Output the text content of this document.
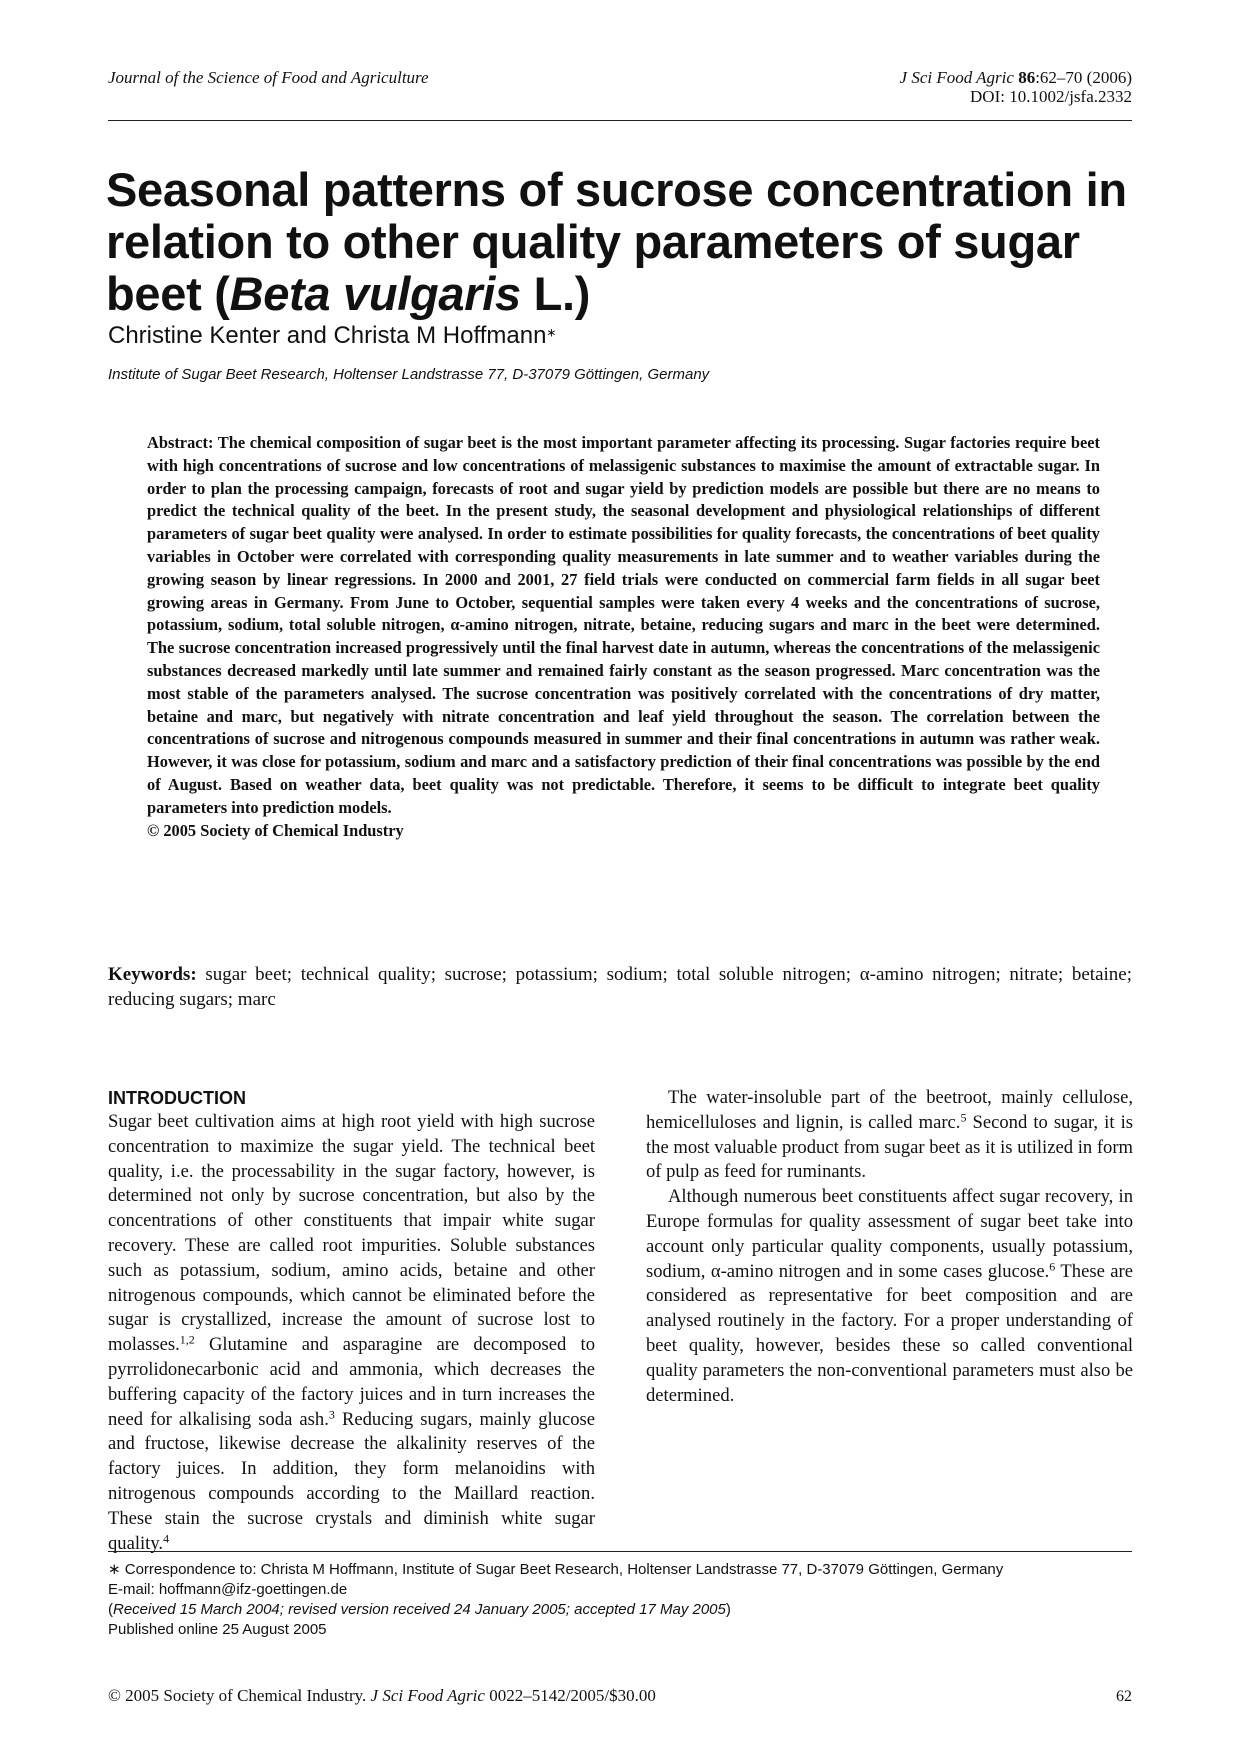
Journal of the Science of Food and Agriculture	J Sci Food Agric 86:62–70 (2006)
DOI: 10.1002/jsfa.2332
Seasonal patterns of sucrose concentration in relation to other quality parameters of sugar beet (Beta vulgaris L.)
Christine Kenter and Christa M Hoffmann∗
Institute of Sugar Beet Research, Holtenser Landstrasse 77, D-37079 Göttingen, Germany

Abstract: The chemical composition of sugar beet is the most important parameter affecting its processing. Sugar factories require beet with high concentrations of sucrose and low concentrations of melassigenic substances to maximise the amount of extractable sugar. In order to plan the processing campaign, forecasts of root and sugar yield by prediction models are possible but there are no means to predict the technical quality of the beet. In the present study, the seasonal development and physiological relationships of different parameters of sugar beet quality were analysed. In order to estimate possibilities for quality forecasts, the concentrations of beet quality variables in October were correlated with corresponding quality measurements in late summer and to weather variables during the growing season by linear regressions. In 2000 and 2001, 27 field trials were conducted on commercial farm fields in all sugar beet growing areas in Germany. From June to October, sequential samples were taken every 4 weeks and the concentrations of sucrose, potassium, sodium, total soluble nitrogen, α-amino nitrogen, nitrate, betaine, reducing sugars and marc in the beet were determined. The sucrose concentration increased progressively until the final harvest date in autumn, whereas the concentrations of the melassigenic substances decreased markedly until late summer and remained fairly constant as the season progressed. Marc concentration was the most stable of the parameters analysed. The sucrose concentration was positively correlated with the concentrations of dry matter, betaine and marc, but negatively with nitrate concentration and leaf yield throughout the season. The correlation between the concentrations of sucrose and nitrogenous compounds measured in summer and their final concentrations in autumn was rather weak. However, it was close for potassium, sodium and marc and a satisfactory prediction of their final concentrations was possible by the end of August. Based on weather data, beet quality was not predictable. Therefore, it seems to be difficult to integrate beet quality parameters into prediction models.
© 2005 Society of Chemical Industry

Keywords: sugar beet; technical quality; sucrose; potassium; sodium; total soluble nitrogen; α-amino nitrogen; nitrate; betaine; reducing sugars; marc

INTRODUCTION

Sugar beet cultivation aims at high root yield with high sucrose concentration to maximize the sugar yield. The technical beet quality, i.e. the processability in the sugar factory, however, is determined not only by sucrose concentration, but also by the concentrations of other constituents that impair white sugar recovery. These are called root impurities. Soluble substances such as potassium, sodium, amino acids, betaine and other nitrogenous compounds, which cannot be eliminated before the sugar is crystallized, increase the amount of sucrose lost to molasses.$^{1,2}$ Glutamine and asparagine are decomposed to pyrrolidonecarbonic acid and ammonia, which decreases the buffering capacity of the factory juices and in turn increases the need for alkalising soda ash.$^3$ Reducing sugars, mainly glucose and fructose, likewise decrease the alkalinity reserves of the factory juices. In addition, they form melanoidins with nitrogenous compounds according to the Maillard reaction. These stain the sucrose crystals and diminish white sugar quality.$^4$

The water-insoluble part of the beetroot, mainly cellulose, hemicelluloses and lignin, is called marc.$^5$ Second to sugar, it is the most valuable product from sugar beet as it is utilized in form of pulp as feed for ruminants.

Although numerous beet constituents affect sugar recovery, in Europe formulas for quality assessment of sugar beet take into account only particular quality components, usually potassium, sodium, α-amino nitrogen and in some cases glucose.$^6$ These are considered as representative for beet composition and are analysed routinely in the factory. For a proper understanding of beet quality, however, besides these so called conventional quality parameters the non-conventional parameters must also be determined.

∗ Correspondence to: Christa M Hoffmann, Institute of Sugar Beet Research, Holtenser Landstrasse 77, D-37079 Göttingen, Germany
E-mail: hoffmann@ifz-goettingen.de
(Received 15 March 2004; revised version received 24 January 2005; accepted 17 May 2005)
Published online 25 August 2005
© 2005 Society of Chemical Industry. J Sci Food Agric 0022–5142/2005/$30.00	62
